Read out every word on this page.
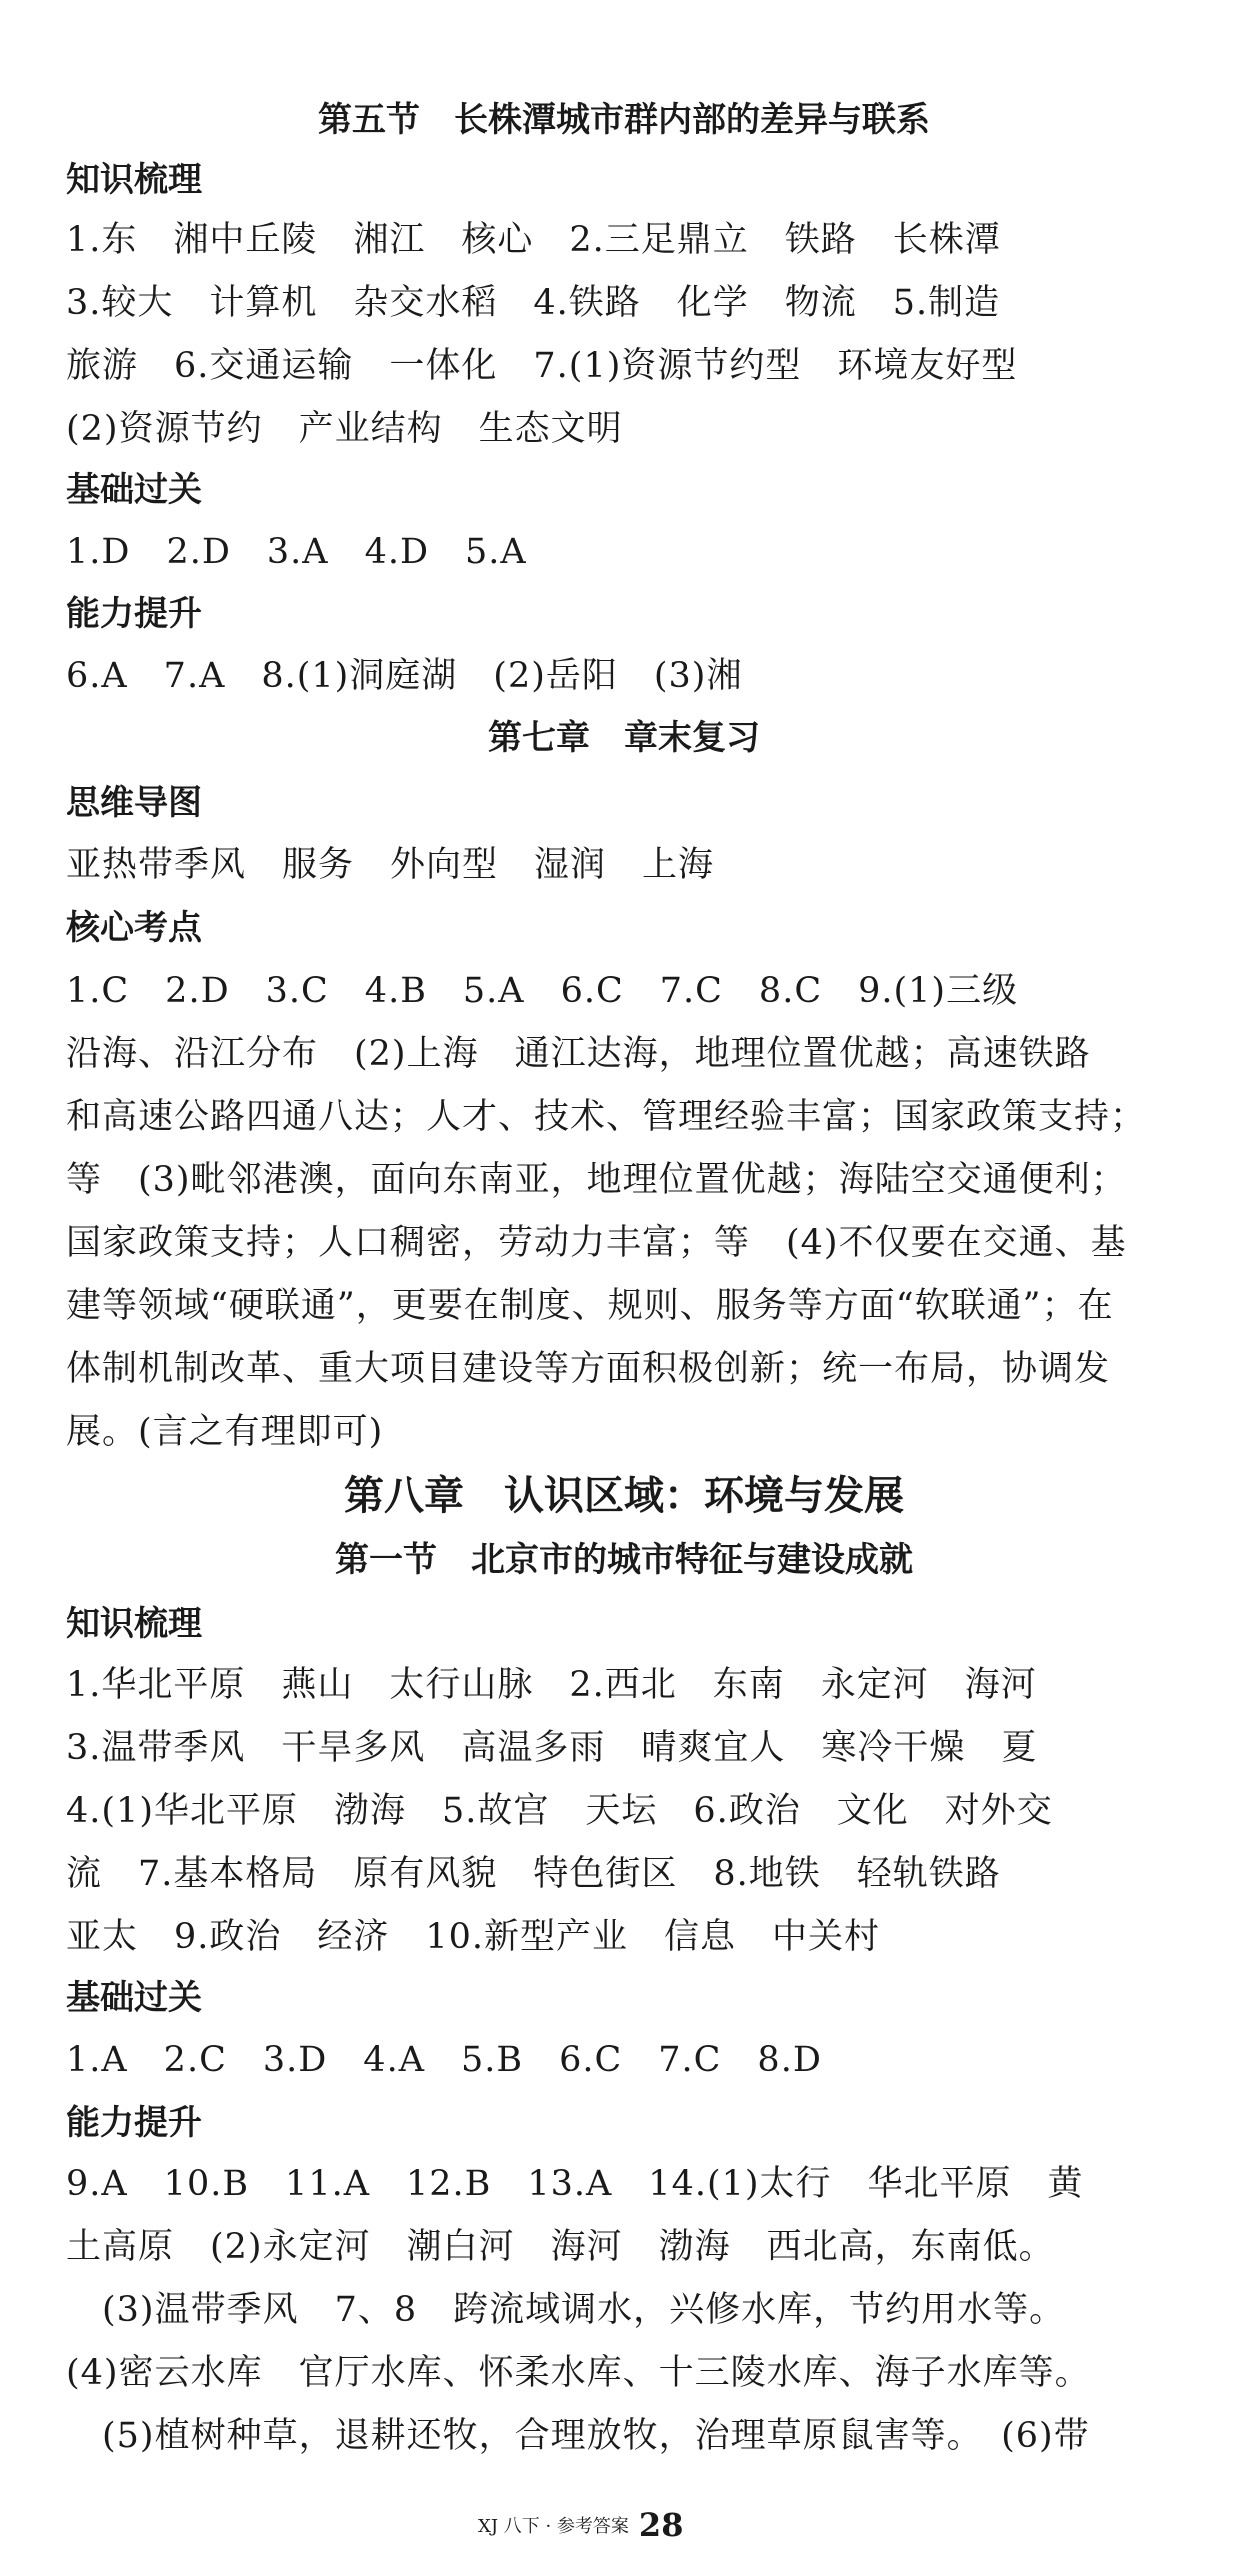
第五节　长株潭城市群内部的差异与联系
知识梳理
1.东　湘中丘陵　湘江　核心　2.三足鼎立　铁路　长株潭
3.较大　计算机　杂交水稻　4.铁路　化学　物流　5.制造
旅游　6.交通运输　一体化　7.(1)资源节约型　环境友好型
(2)资源节约　产业结构　生态文明
基础过关
1.D　2.D　3.A　4.D　5.A
能力提升
6.A　7.A　8.(1)洞庭湖　(2)岳阳　(3)湘
第七章　章末复习
思维导图
亚热带季风　服务　外向型　湿润　上海
核心考点
1.C　2.D　3.C　4.B　5.A　6.C　7.C　8.C　9.(1)三级
沿海、沿江分布　(2)上海　通江达海，地理位置优越；高速铁路
和高速公路四通八达；人才、技术、管理经验丰富；国家政策支持；
等　(3)毗邻港澳，面向东南亚，地理位置优越；海陆空交通便利；
国家政策支持；人口稠密，劳动力丰富；等　(4)不仅要在交通、基
建等领域“硬联通”，更要在制度、规则、服务等方面“软联通”；在
体制机制改革、重大项目建设等方面积极创新；统一布局，协调发
展。(言之有理即可)
第八章　认识区域：环境与发展
第一节　北京市的城市特征与建设成就
知识梳理
1.华北平原　燕山　太行山脉　2.西北　东南　永定河　海河
3.温带季风　干旱多风　高温多雨　晴爽宜人　寒冷干燥　夏
4.(1)华北平原　渤海　5.故宫　天坛　6.政治　文化　对外交
流　7.基本格局　原有风貌　特色街区　8.地铁　轻轨铁路
亚太　9.政治　经济　10.新型产业　信息　中关村
基础过关
1.A　2.C　3.D　4.A　5.B　6.C　7.C　8.D
能力提升
9.A　10.B　11.A　12.B　13.A　14.(1)太行　华北平原　黄
土高原　(2)永定河　潮白河　海河　渤海　西北高，东南低。
　(3)温带季风　7、8　跨流域调水，兴修水库，节约用水等。
(4)密云水库　官厅水库、怀柔水库、十三陵水库、海子水库等。
　(5)植树种草，退耕还牧，合理放牧，治理草原鼠害等。　(6)带
XJ 八下 · 参考答案 28
